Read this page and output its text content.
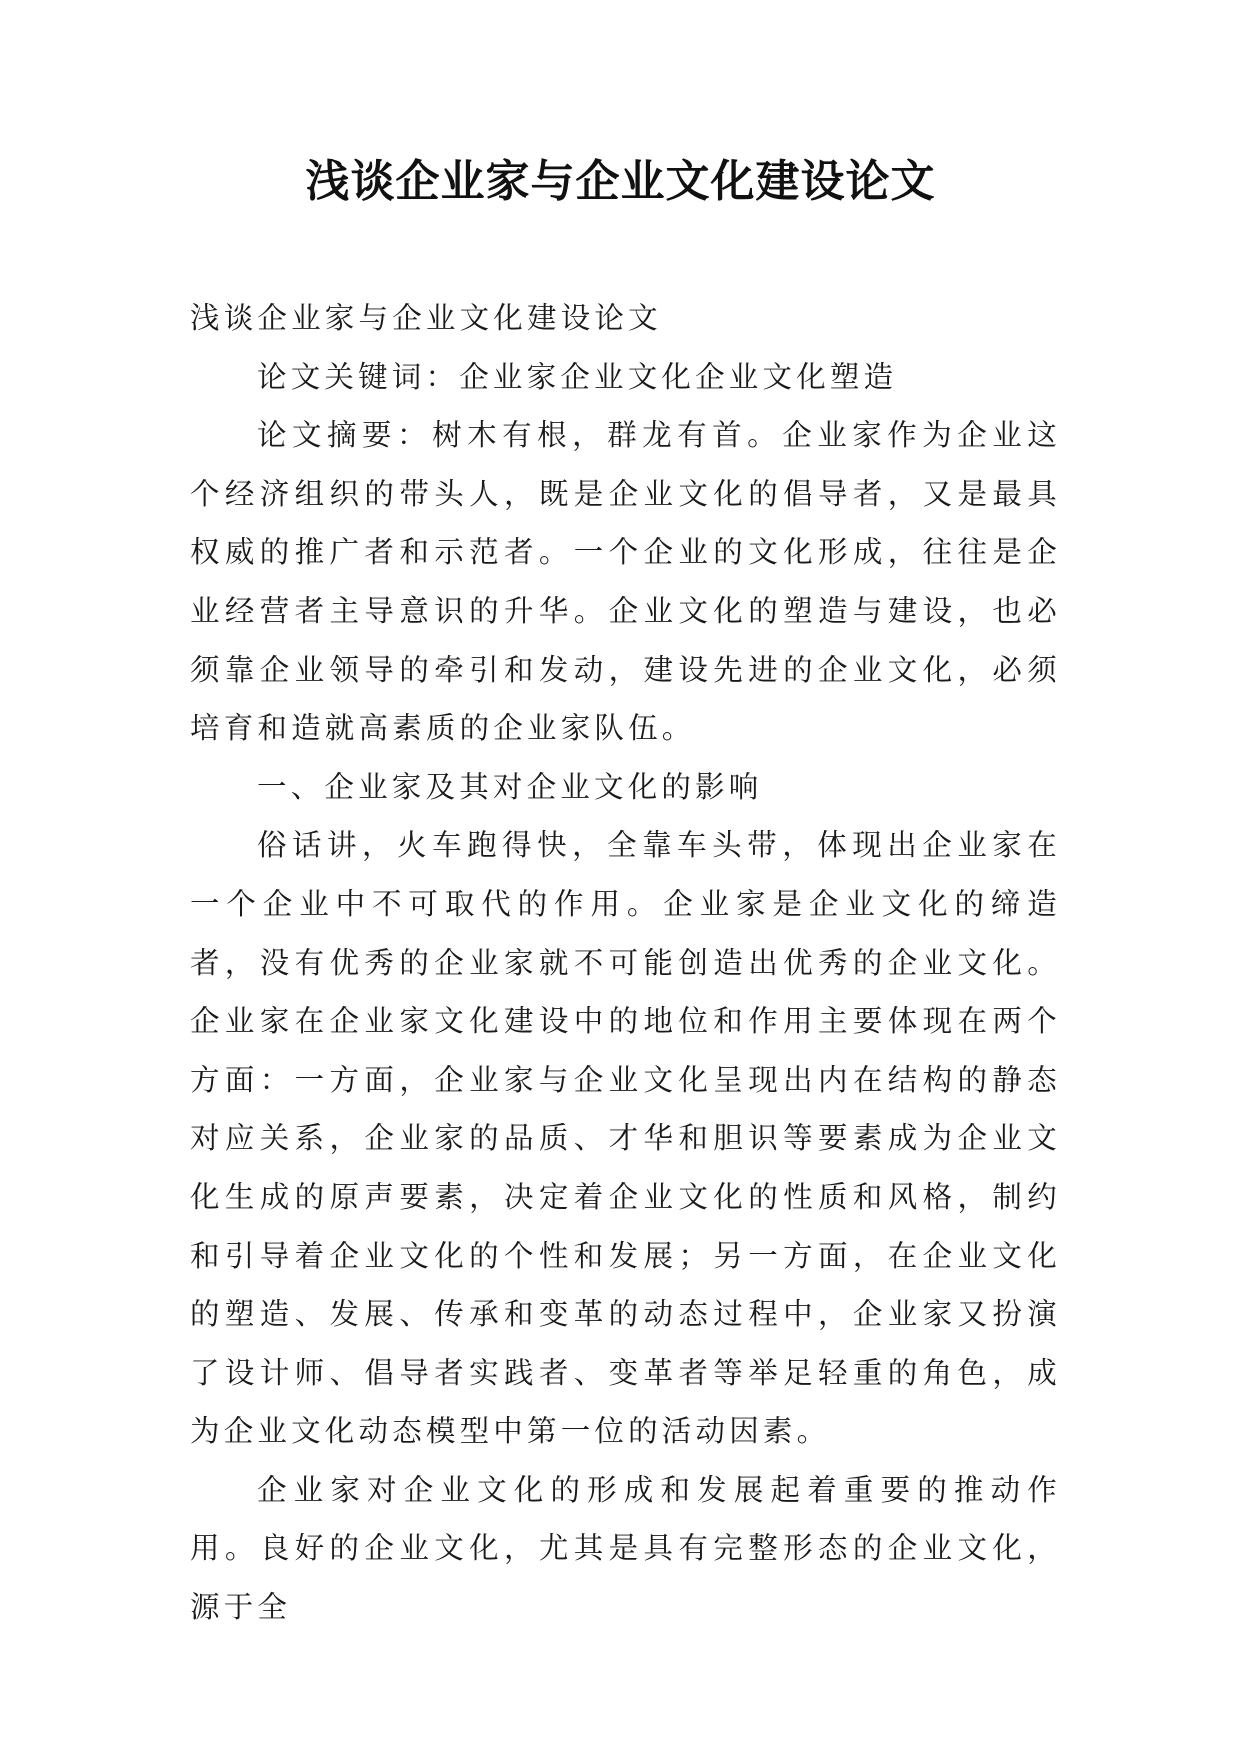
浅谈企业家与企业文化建设论文

浅谈企业家与企业文化建设论文

论文关键词：企业家企业文化企业文化塑造

论文摘要：树木有根，群龙有首。企业家作为企业这个经济组织的带头人，既是企业文化的倡导者，又是最具权威的推广者和示范者。一个企业的文化形成，往往是企业经营者主导意识的升华。企业文化的塑造与建设，也必须靠企业领导的牵引和发动，建设先进的企业文化，必须培育和造就高素质的企业家队伍。

一、企业家及其对企业文化的影响

俗话讲，火车跑得快，全靠车头带，体现出企业家在一个企业中不可取代的作用。企业家是企业文化的缔造者，没有优秀的企业家就不可能创造出优秀的企业文化。企业家在企业家文化建设中的地位和作用主要体现在两个方面：一方面，企业家与企业文化呈现出内在结构的静态对应关系，企业家的品质、才华和胆识等要素成为企业文化生成的原声要素，决定着企业文化的性质和风格，制约和引导着企业文化的个性和发展；另一方面，在企业文化的塑造、发展、传承和变革的动态过程中，企业家又扮演了设计师、倡导者实践者、变革者等举足轻重的角色，成为企业文化动态模型中第一位的活动因素。

企业家对企业文化的形成和发展起着重要的推动作用。良好的企业文化，尤其是具有完整形态的企业文化，源于全
